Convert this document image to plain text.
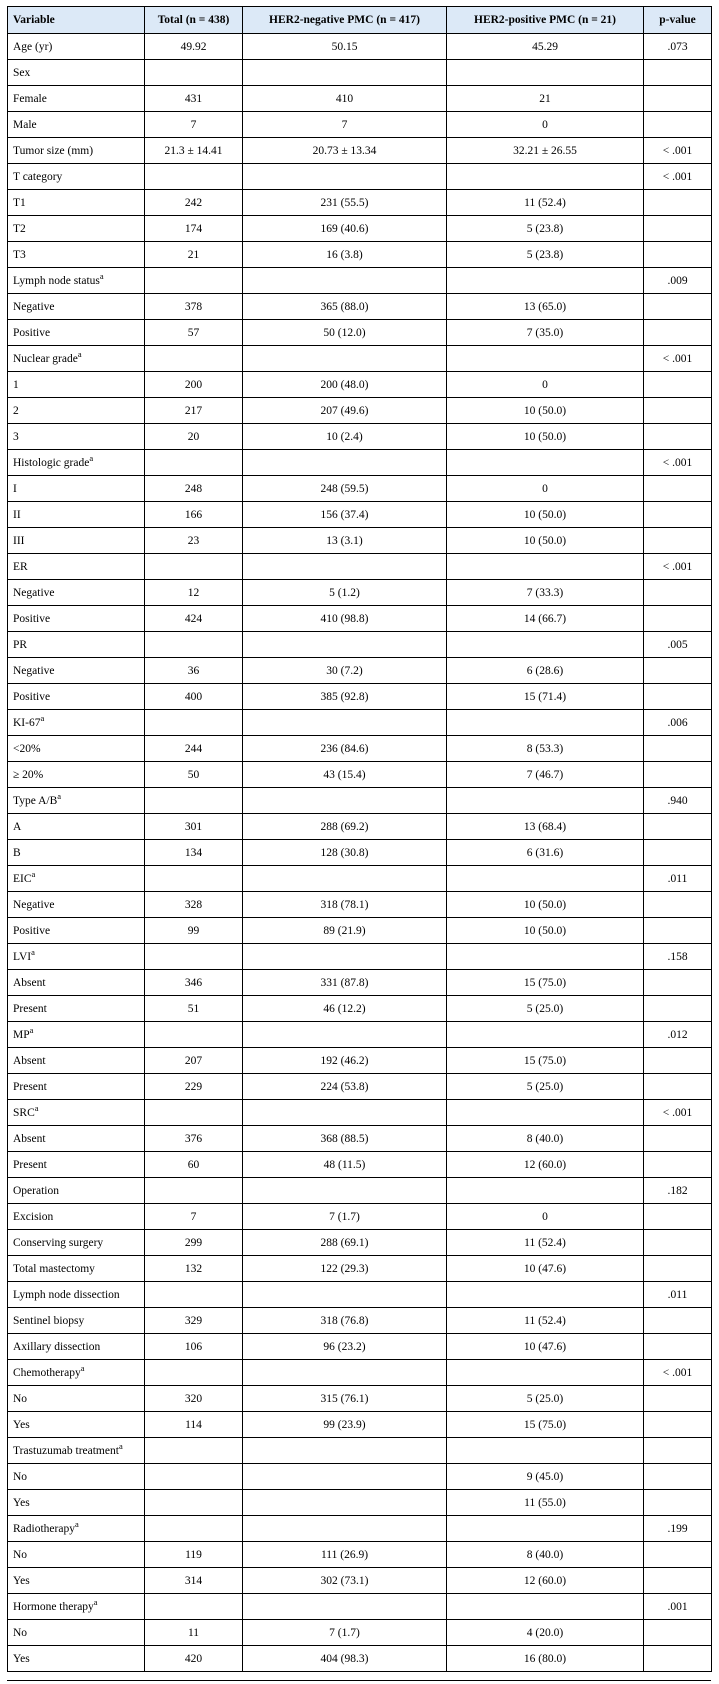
Variable	Total (n = 438)	HER2-negative PMC (n = 417)	HER2-positive PMC (n = 21)	p-value
Age (yr)	49.92	50.15	45.29	.073
Sex				
Female	431	410	21	
Male	7	7	0	
Tumor size (mm)	21.3 ± 14.41	20.73 ± 13.34	32.21 ± 26.55	< .001
T category				< .001
T1	242	231 (55.5)	11 (52.4)	
T2	174	169 (40.6)	5 (23.8)	
T3	21	16 (3.8)	5 (23.8)	
Lymph node status$^a$				.009
Negative	378	365 (88.0)	13 (65.0)	
Positive	57	50 (12.0)	7 (35.0)	
Nuclear grade$^a$				< .001
1	200	200 (48.0)	0	
2	217	207 (49.6)	10 (50.0)	
3	20	10 (2.4)	10 (50.0)	
Histologic grade$^a$				< .001
I	248	248 (59.5)	0	
II	166	156 (37.4)	10 (50.0)	
III	23	13 (3.1)	10 (50.0)	
ER				< .001
Negative	12	5 (1.2)	7 (33.3)	
Positive	424	410 (98.8)	14 (66.7)	
PR				.005
Negative	36	30 (7.2)	6 (28.6)	
Positive	400	385 (92.8)	15 (71.4)	
KI-67$^a$				.006
<20%	244	236 (84.6)	8 (53.3)	
≥ 20%	50	43 (15.4)	7 (46.7)	
Type $A/B^a$				.940
A	301	288 (69.2)	13 (68.4)	
B	134	128 (30.8)	6 (31.6)	
EIC$^a$				.011
Negative	328	318 (78.1)	10 (50.0)	
Positive	99	89 (21.9)	10 (50.0)	
LVI$^a$				.158
Absent	346	331 (87.8)	15 (75.0)	
Present	51	46 (12.2)	5 (25.0)	
$MP^a$				.012
Absent	207	192 (46.2)	15 (75.0)	
Present	229	224 (53.8)	5 (25.0)	
SRC$^a$				< .001
Absent	376	368 (88.5)	8 (40.0)	
Present	60	48 (11.5)	12 (60.0)	
Operation				.182
Excision	7	7 (1.7)	0	
Conserving surgery	299	288 (69.1)	11 (52.4)	
Total mastectomy	132	122 (29.3)	10 (47.6)	
Lymph node dissection				.011
Sentinel biopsy	329	318 (76.8)	11 (52.4)	
Axillary dissection	106	96 (23.2)	10 (47.6)	
Chemotherapy$^a$				< .001
No	320	315 (76.1)	5 (25.0)	
Yes	114	99 (23.9)	15 (75.0)	
Trastuzumab treatment$^a$				
No			9 (45.0)	
Yes			11 (55.0)	
Radiotherapy$^a$				.199
No	119	111 (26.9)	8 (40.0)	
Yes	314	302 (73.1)	12 (60.0)	
Hormone therapy$^a$				.001
No	11	7 (1.7)	4 (20.0)	
Yes	420	404 (98.3)	16 (80.0)	
